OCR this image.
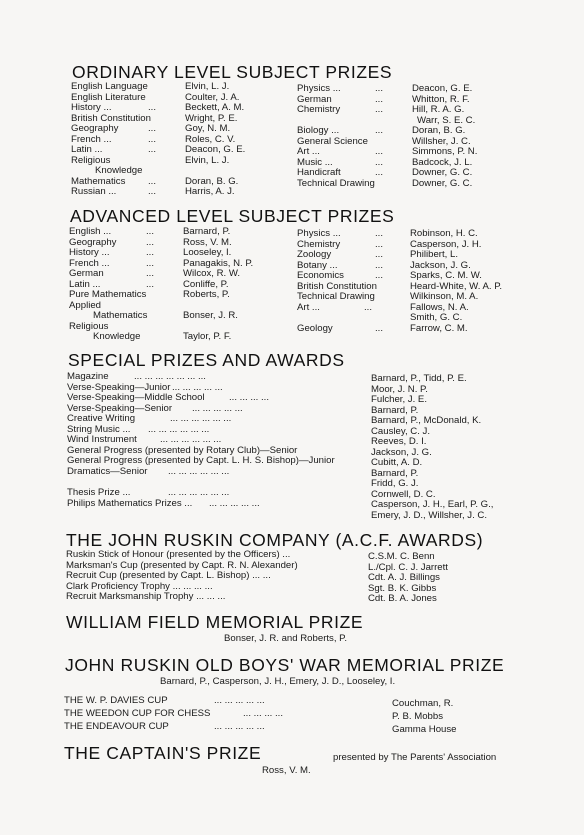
ORDINARY LEVEL SUBJECT PRIZES
English Language	Elvin, L. J.
English Literature	Coulter, J. A.
History ...	...	Beckett, A. M.
British Constitution	Wright, P. E.
Geography	...	Goy, N. M.
French ...	...	Roles, C. V.
Latin ...	...	Deacon, G. E.
Religious	Elvin, L. J.
Knowledge
Mathematics ...	Doran, B. G.
Russian ...	...	Harris, A. J.
Physics ...	...	Deacon, G. E.
German	...	Whitton, R. F.
Chemistry	...	Hill, R. A. G.
Warr, S. E. C.
Biology ...	...	Doran, B. G.
General Science	Willsher, J. C.
Art ...	...	Simmons, P. N.
Music ...	...	Badcock, J. L.
Handicraft	...	Downer, G. C.
Technical Drawing	Downer, G. C.
ADVANCED LEVEL SUBJECT PRIZES
English ...	...	Barnard, P.
Geography	...	Ross, V. M.
History ...	...	Looseley, I.
French ...	...	Panagakis, N. P.
German	...	Wilcox, R. W.
Latin ...	...	Conliffe, P.
Pure Mathematics	Roberts, P.
Applied
Mathematics	Bonser, J. R.
Religious
Knowledge	Taylor, P. F.
Physics ...	...	Robinson, H. C.
Chemistry	...	Casperson, J. H.
Zoology	...	Philibert, L.
Botany ...	...	Jackson, J. G.
Economics	...	Sparks, C. M. W.
British Constitution	Heard-White, W. A. P.
Technical Drawing	Wilkinson, M. A.
Art ...	...	Fallows, N. A.
Smith, G. C.
Geology	...	Farrow, C. M.
SPECIAL PRIZES AND AWARDS
Magazine	... ... ... ... ... ... ...	Barnard, P., Tidd, P. E.
Verse-Speaking—Junior ... ... ... ... ...	Moor, J. N. P.
Verse-Speaking—Middle School	... ... ... ...	Fulcher, J. E.
Verse-Speaking—Senior ... ... ... ... ...	Barnard, P.
Creative Writing	... ... ... ... ... ...	Barnard, P., McDonald, K.
String Music ... ... ... ... ... ... ...	Causley, C. J.
Wind Instrument ... ... ... ... ... ...	Reeves, D. I.
General Progress (presented by Rotary Club)—Senior	Jackson, J. G.
General Progress (presented by Capt. L. H. S. Bishop)—Junior	Cubitt, A. D.
Dramatics—Senior ... ... ... ... ... ...	Barnard, P.
Fridd, G. J.
Thesis Prize ...	... ... ... ... ... ...	Cornwell, D. C.
Philips Mathematics Prizes ... ... ... ... ... ...	Casperson, J. H., Earl, P. G.,
Emery, J. D., Willsher, J. C.
THE JOHN RUSKIN COMPANY (A.C.F. AWARDS)
Ruskin Stick of Honour (presented by the Officers) ...	C.S.M. C. Benn
Marksman's Cup (presented by Capt. R. N. Alexander)	L./Cpl. C. J. Jarrett
Recruit Cup (presented by Capt. L. Bishop) ... ...	Cdt. A. J. Billings
Clark Proficiency Trophy ... ... ... ...	Sgt. B. K. Gibbs
Recruit Marksmanship Trophy ... ... ...	Cdt. B. A. Jones
WILLIAM FIELD MEMORIAL PRIZE
Bonser, J. R. and Roberts, P.
JOHN RUSKIN OLD BOYS' WAR MEMORIAL PRIZE
Barnard, P., Casperson, J. H., Emery, J. D., Looseley, I.
THE W. P. DAVIES CUP	... ... ... ... ...	Couchman, R.
THE WEEDON CUP FOR CHESS	... ... ... ...	P. B. Mobbs
THE ENDEAVOUR CUP	... ... ... ... ...	Gamma House
THE CAPTAIN'S PRIZE	presented by The Parents' Association
Ross, V. M.
